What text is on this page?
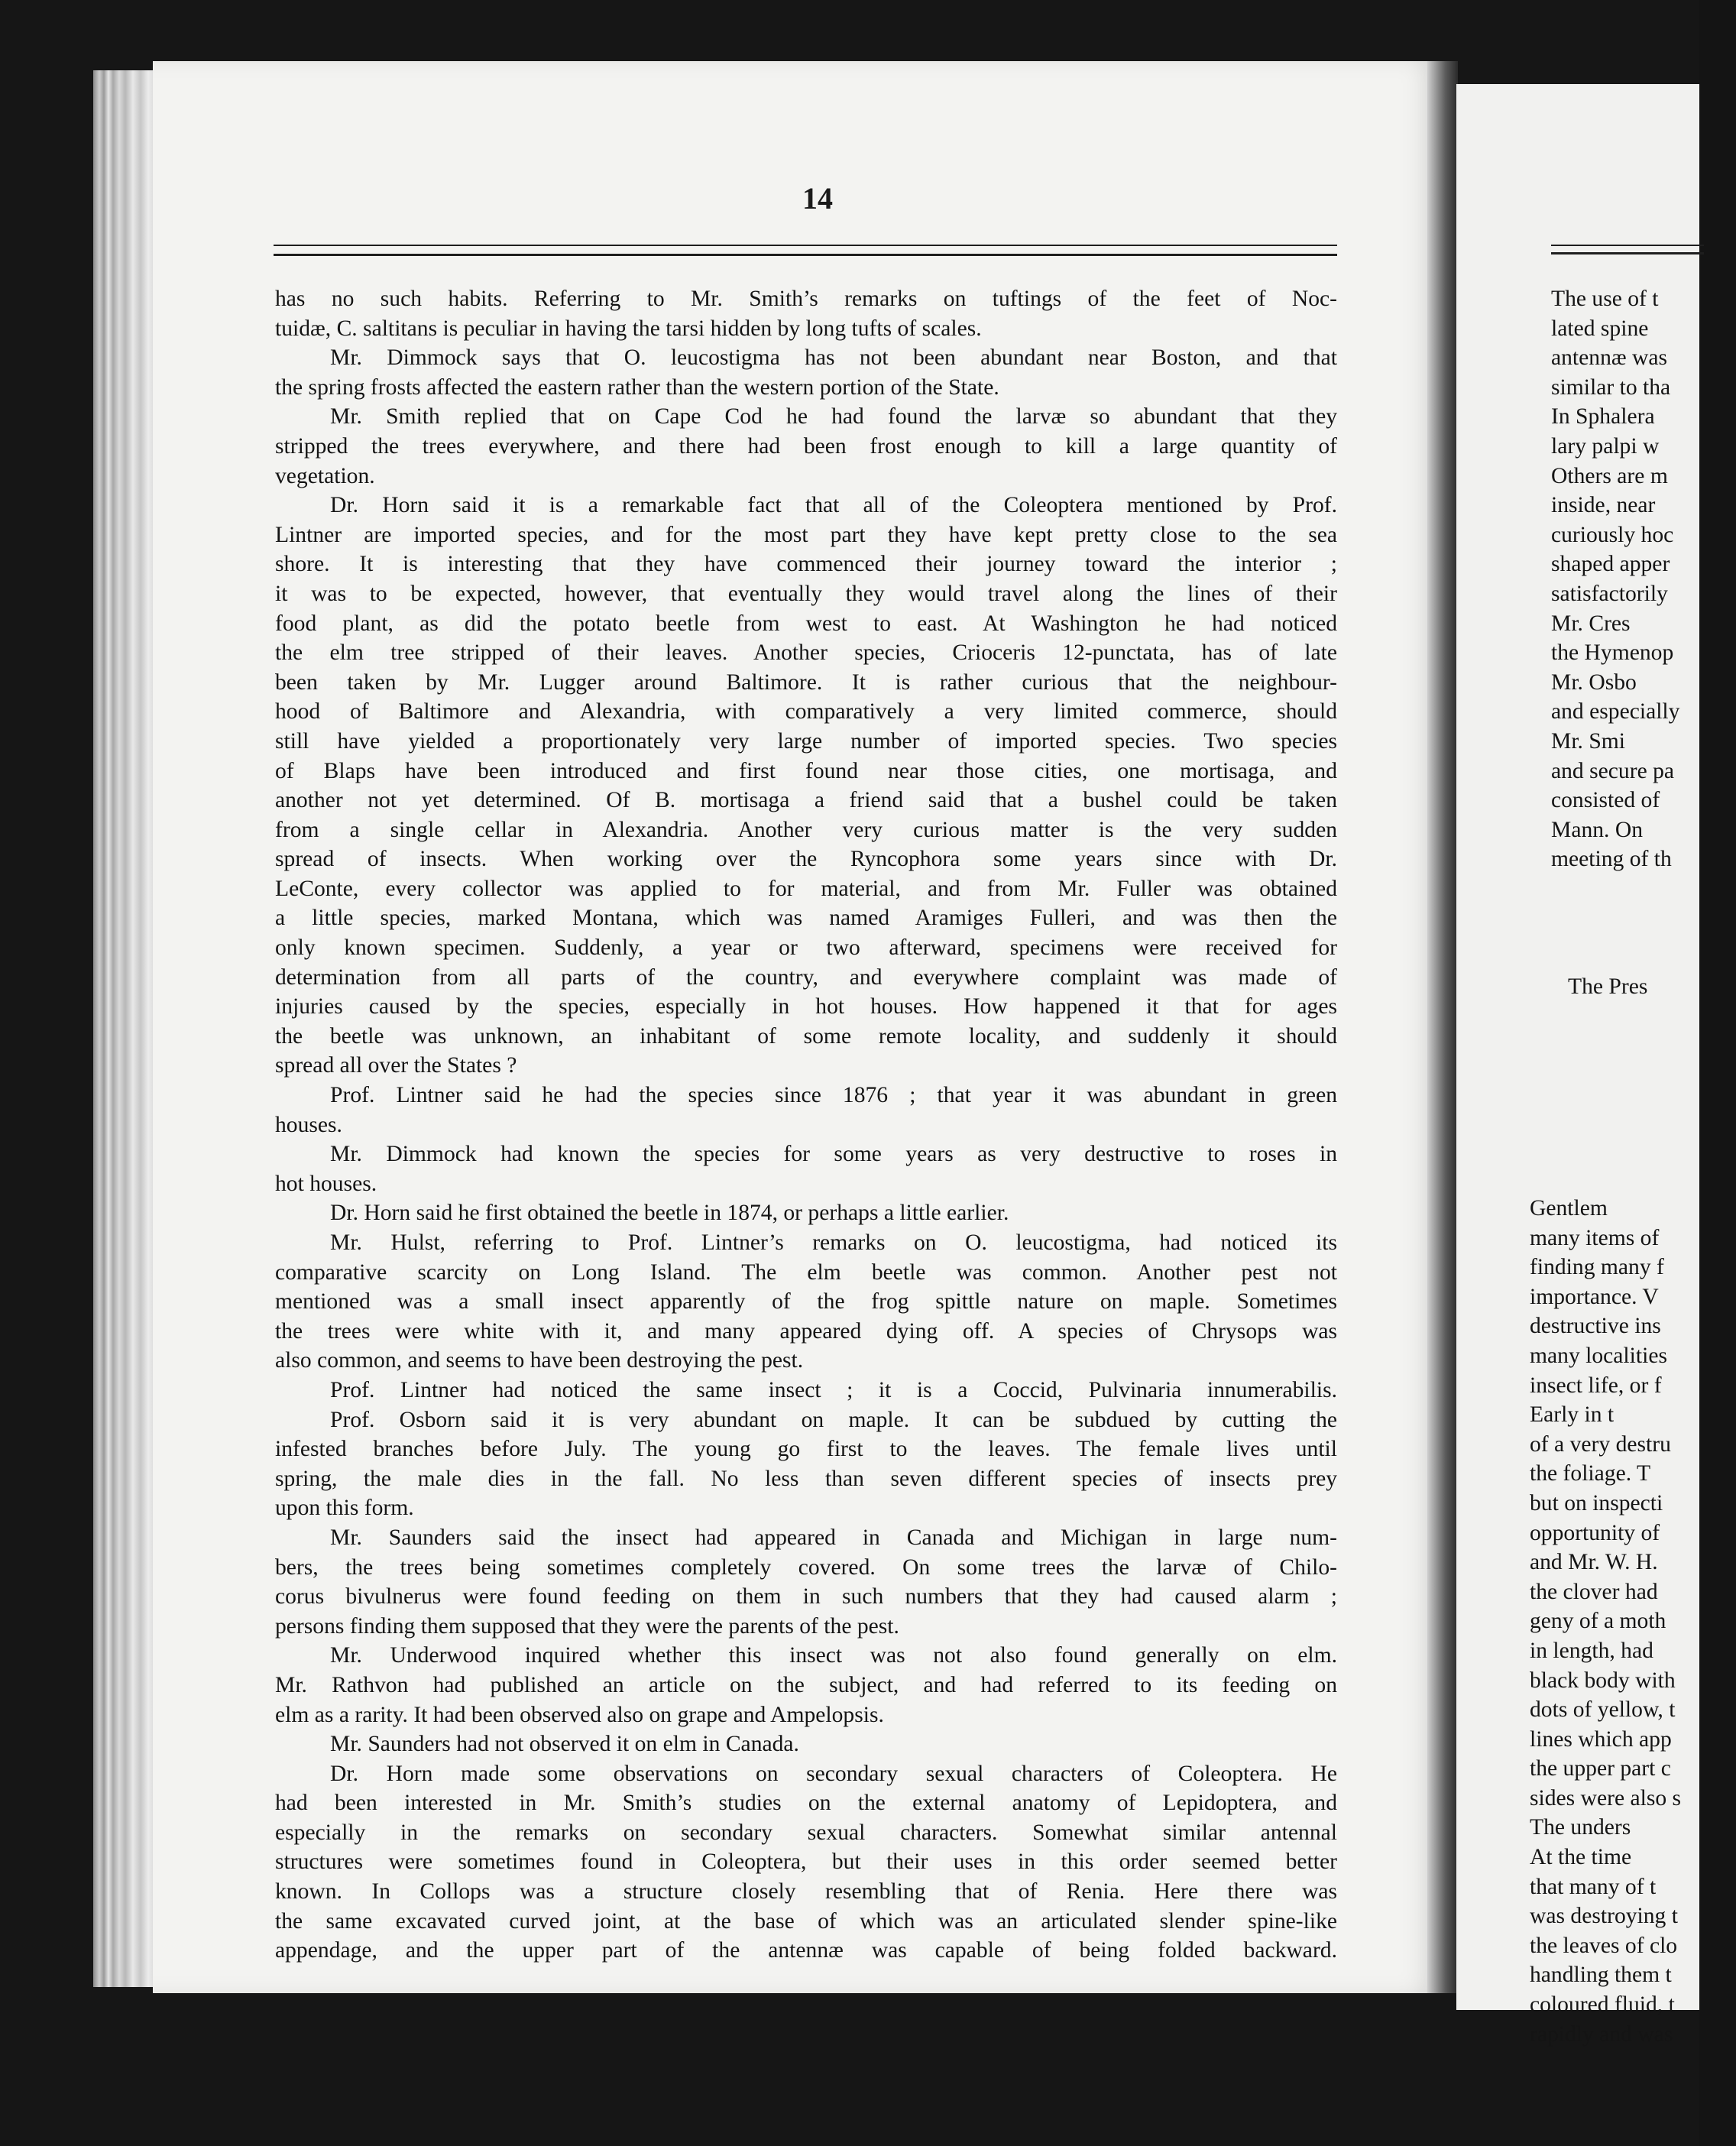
The use of t
lated spine
antennæ was
similar to tha
In Sphalera
lary palpi w
Others are m
inside, near
curiously hoc
shaped apper
satisfactorily
Mr. Cres
the Hymenop
Mr. Osbo
and especially
Mr. Smi
and secure pa
consisted of
Mann. On
meeting of th
The Pres
Gentlem
many items of
finding many f
importance. V
destructive ins
many localities
insect life, or f
Early in t
of a very destru
the foliage. T
but on inspecti
opportunity of
and Mr. W. H.
the clover had
geny of a moth
in length, had
black body with
dots of yellow, t
lines which app
the upper part c
sides were also s
The unders
At the time
that many of t
was destroying t
the leaves of clo
handling them t
coloured fluid, t
rapidly and was
14
has no such habits. Referring to Mr. Smith’s remarks on tuftings of the feet of Noc-
tuidæ, C. saltitans is peculiar in having the tarsi hidden by long tufts of scales.
Mr. Dimmock says that O. leucostigma has not been abundant near Boston, and that
the spring frosts affected the eastern rather than the western portion of the State.
Mr. Smith replied that on Cape Cod he had found the larvæ so abundant that they
stripped the trees everywhere, and there had been frost enough to kill a large quantity of
vegetation.
Dr. Horn said it is a remarkable fact that all of the Coleoptera mentioned by Prof.
Lintner are imported species, and for the most part they have kept pretty close to the sea
shore. It is interesting that they have commenced their journey toward the interior ;
it was to be expected, however, that eventually they would travel along the lines of their
food plant, as did the potato beetle from west to east. At Washington he had noticed
the elm tree stripped of their leaves. Another species, Crioceris 12-punctata, has of late
been taken by Mr. Lugger around Baltimore. It is rather curious that the neighbour-
hood of Baltimore and Alexandria, with comparatively a very limited commerce, should
still have yielded a proportionately very large number of imported species. Two species
of Blaps have been introduced and first found near those cities, one mortisaga, and
another not yet determined. Of B. mortisaga a friend said that a bushel could be taken
from a single cellar in Alexandria. Another very curious matter is the very sudden
spread of insects. When working over the Ryncophora some years since with Dr.
LeConte, every collector was applied to for material, and from Mr. Fuller was obtained
a little species, marked Montana, which was named Aramiges Fulleri, and was then the
only known specimen. Suddenly, a year or two afterward, specimens were received for
determination from all parts of the country, and everywhere complaint was made of
injuries caused by the species, especially in hot houses. How happened it that for ages
the beetle was unknown, an inhabitant of some remote locality, and suddenly it should
spread all over the States ?
Prof. Lintner said he had the species since 1876 ; that year it was abundant in green
houses.
Mr. Dimmock had known the species for some years as very destructive to roses in
hot houses.
Dr. Horn said he first obtained the beetle in 1874, or perhaps a little earlier.
Mr. Hulst, referring to Prof. Lintner’s remarks on O. leucostigma, had noticed its
comparative scarcity on Long Island. The elm beetle was common. Another pest not
mentioned was a small insect apparently of the frog spittle nature on maple. Sometimes
the trees were white with it, and many appeared dying off. A species of Chrysops was
also common, and seems to have been destroying the pest.
Prof. Lintner had noticed the same insect ; it is a Coccid, Pulvinaria innumerabilis.
Prof. Osborn said it is very abundant on maple. It can be subdued by cutting the
infested branches before July. The young go first to the leaves. The female lives until
spring, the male dies in the fall. No less than seven different species of insects prey
upon this form.
Mr. Saunders said the insect had appeared in Canada and Michigan in large num-
bers, the trees being sometimes completely covered. On some trees the larvæ of Chilo-
corus bivulnerus were found feeding on them in such numbers that they had caused alarm ;
persons finding them supposed that they were the parents of the pest.
Mr. Underwood inquired whether this insect was not also found generally on elm.
Mr. Rathvon had published an article on the subject, and had referred to its feeding on
elm as a rarity. It had been observed also on grape and Ampelopsis.
Mr. Saunders had not observed it on elm in Canada.
Dr. Horn made some observations on secondary sexual characters of Coleoptera. He
had been interested in Mr. Smith’s studies on the external anatomy of Lepidoptera, and
especially in the remarks on secondary sexual characters. Somewhat similar antennal
structures were sometimes found in Coleoptera, but their uses in this order seemed better
known. In Collops was a structure closely resembling that of Renia. Here there was
the same excavated curved joint, at the base of which was an articulated slender spine-like
appendage, and the upper part of the antennæ was capable of being folded backward.
